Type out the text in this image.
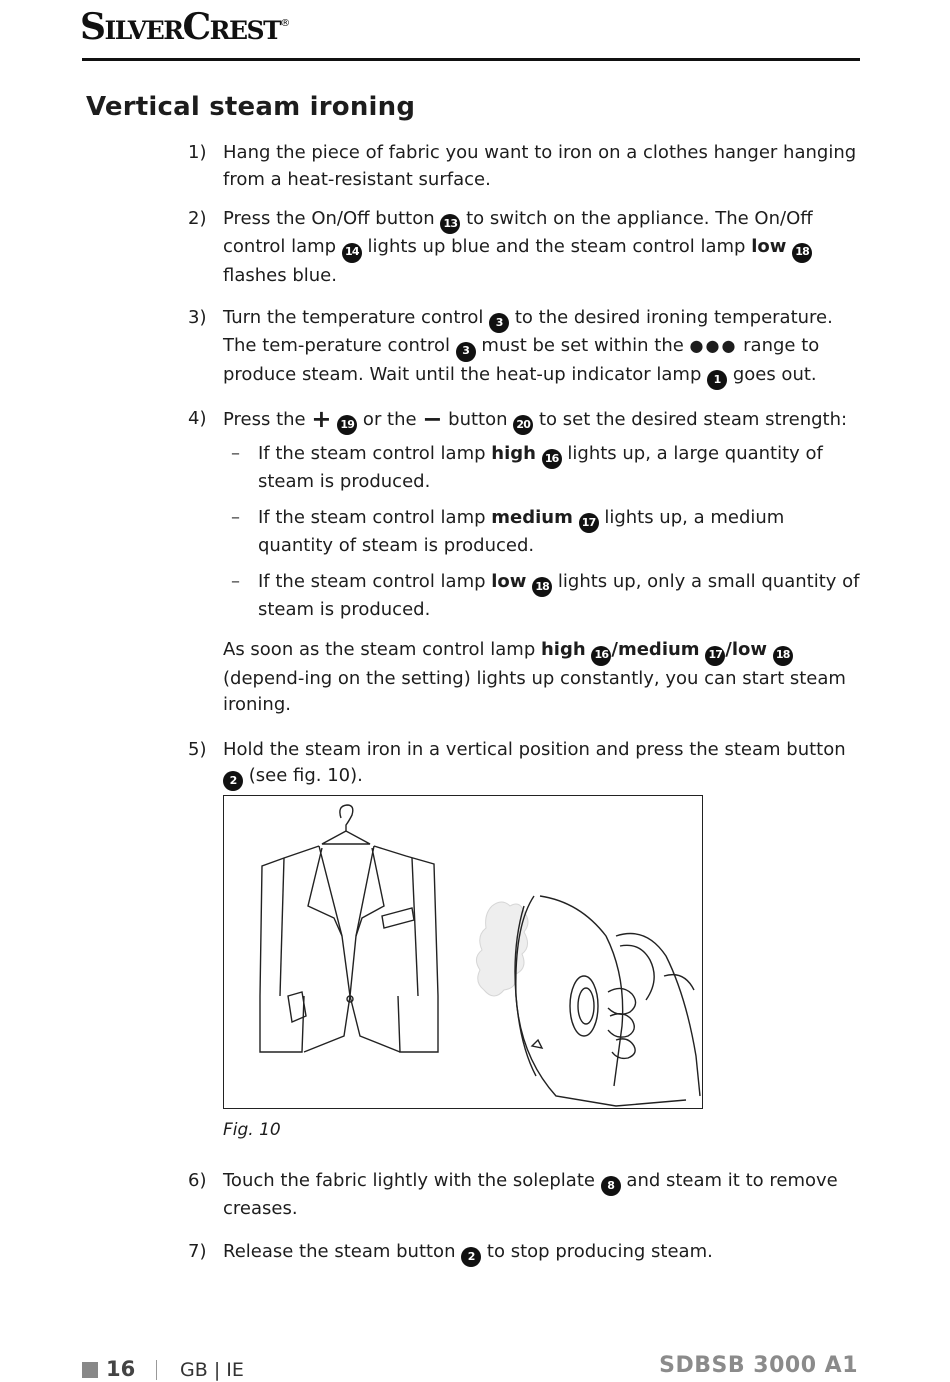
SilverCrest®
Vertical steam ironing
1) Hang the piece of fabric you want to iron on a clothes hanger hanging from a heat-resistant surface.
2) Press the On/Off button 13 to switch on the appliance. The On/Off control lamp 14 lights up blue and the steam control lamp low 18 flashes blue.
3) Turn the temperature control 3 to the desired ironing temperature. The tem-perature control 3 must be set within the ●●● range to produce steam. Wait until the heat-up indicator lamp 1 goes out.
4) Press the + 19 or the − button 20 to set the desired steam strength:
– If the steam control lamp high 16 lights up, a large quantity of steam is produced.
– If the steam control lamp medium 17 lights up, a medium quantity of steam is produced.
– If the steam control lamp low 18 lights up, only a small quantity of steam is produced.
As soon as the steam control lamp high 16 /medium 17 /low 18 (depend-ing on the setting) lights up constantly, you can start steam ironing.
5) Hold the steam iron in a vertical position and press the steam button 2 (see fig. 10).
Fig. 10
6) Touch the fabric lightly with the soleplate 8 and steam it to remove creases.
7) Release the steam button 2 to stop producing steam.
16 GB | IE	SDBSB 3000 A1
